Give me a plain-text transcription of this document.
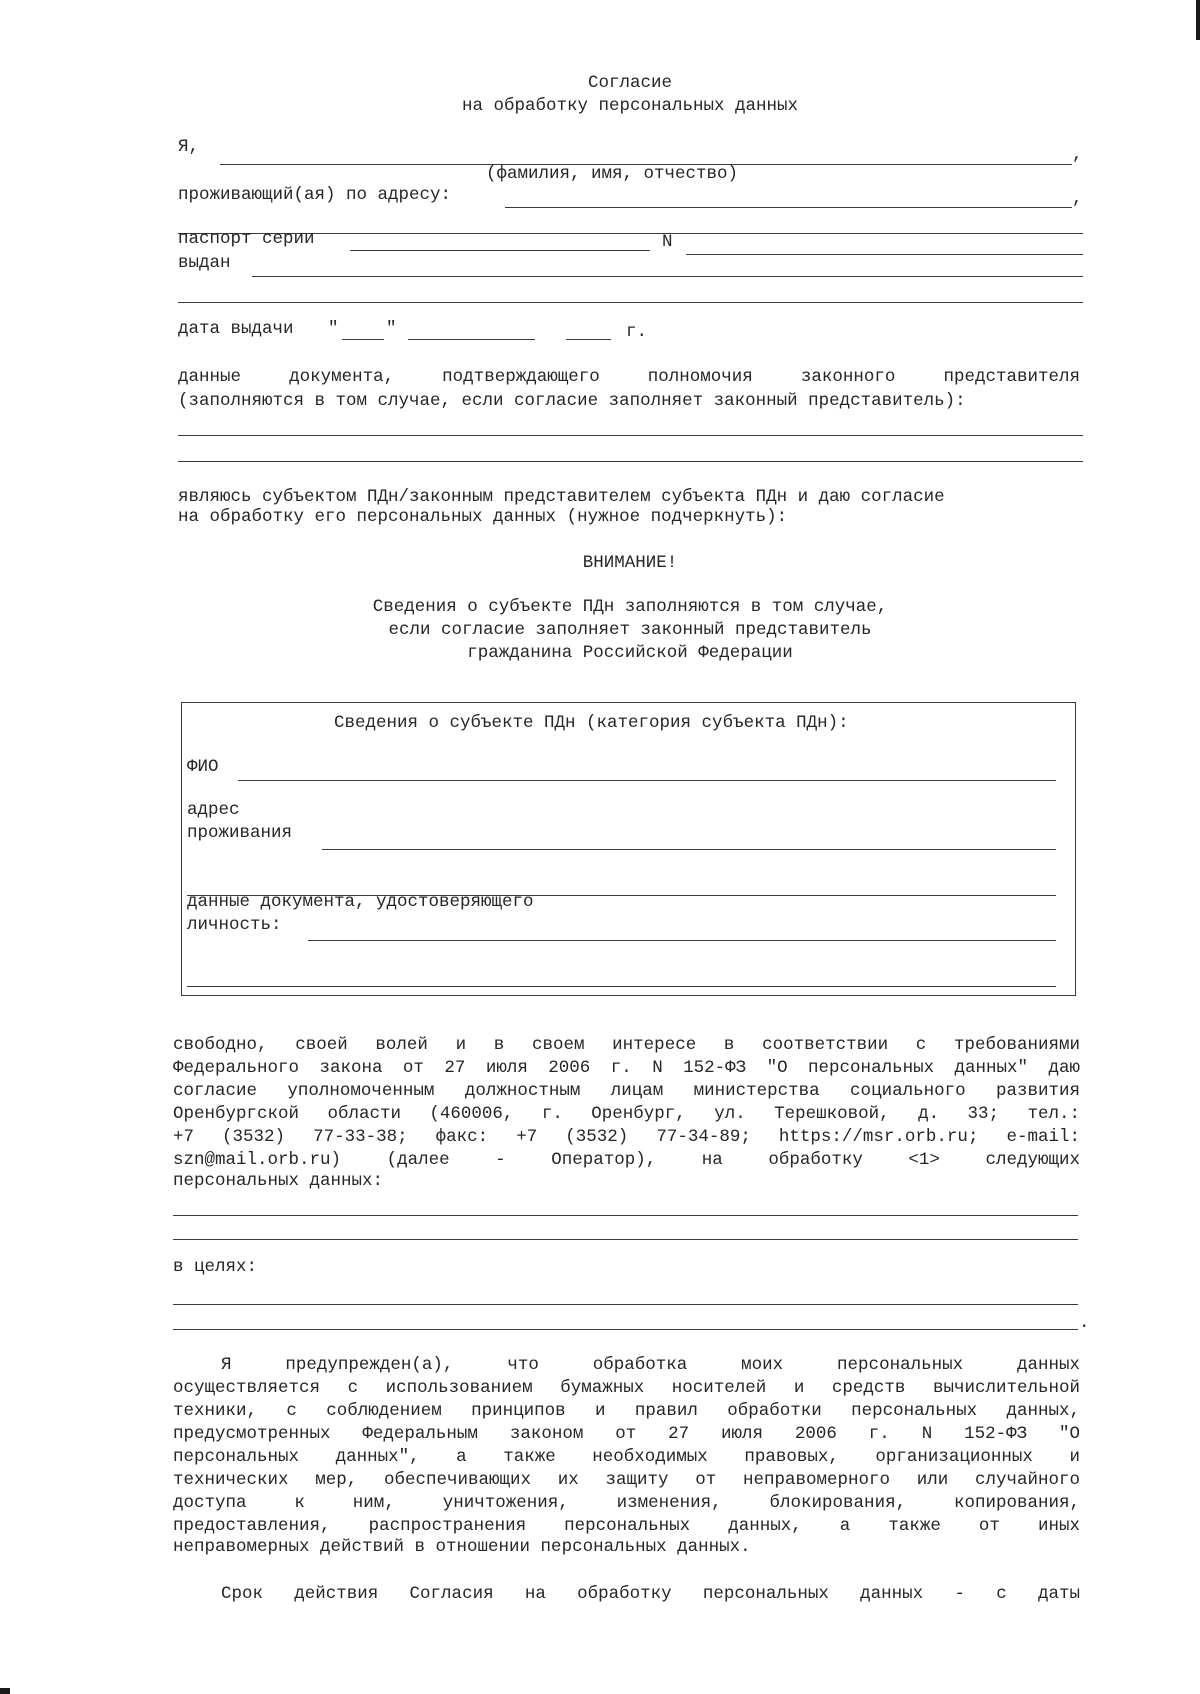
Согласие
на обработку персональных данных
Я,	,
(фамилия, имя, отчество)
проживающий(ая) по адресу:	,
паспорт серии	N
выдан
дата выдачи "	"	г.
данные документа, подтверждающего полномочия законного представителя
(заполняются в том случае, если согласие заполняет законный представитель):
являюсь субъектом ПДн/законным представителем субъекта ПДн и даю согласие
на обработку его персональных данных (нужное подчеркнуть):
ВНИМАНИЕ!
Сведения о субъекте ПДн заполняются в том случае,
если согласие заполняет законный представитель
гражданина Российской Федерации
Сведения о субъекте ПДн (категория субъекта ПДн):
ФИО
адрес
проживания
данные документа, удостоверяющего
личность:
свободно, своей волей и в своем интересе в соответствии с требованиями
Федерального закона от 27 июля 2006 г. N 152-ФЗ "О персональных данных" даю
согласие уполномоченным должностным лицам министерства социального развития
Оренбургской области (460006, г. Оренбург, ул. Терешковой, д. 33; тел.:
+7 (3532) 77-33-38; факс: +7 (3532) 77-34-89; https://msr.orb.ru; e-mail:
szn@mail.orb.ru) (далее - Оператор), на обработку <1> следующих
персональных данных:
в целях:
.
Я предупрежден(а), что обработка моих персональных данных
осуществляется с использованием бумажных носителей и средств вычислительной
техники, с соблюдением принципов и правил обработки персональных данных,
предусмотренных Федеральным законом от 27 июля 2006 г. N 152-ФЗ "О
персональных данных", а также необходимых правовых, организационных и
технических мер, обеспечивающих их защиту от неправомерного или случайного
доступа к ним, уничтожения, изменения, блокирования, копирования,
предоставления, распространения персональных данных, а также от иных
неправомерных действий в отношении персональных данных.
Срок действия Согласия на обработку персональных данных - с даты
